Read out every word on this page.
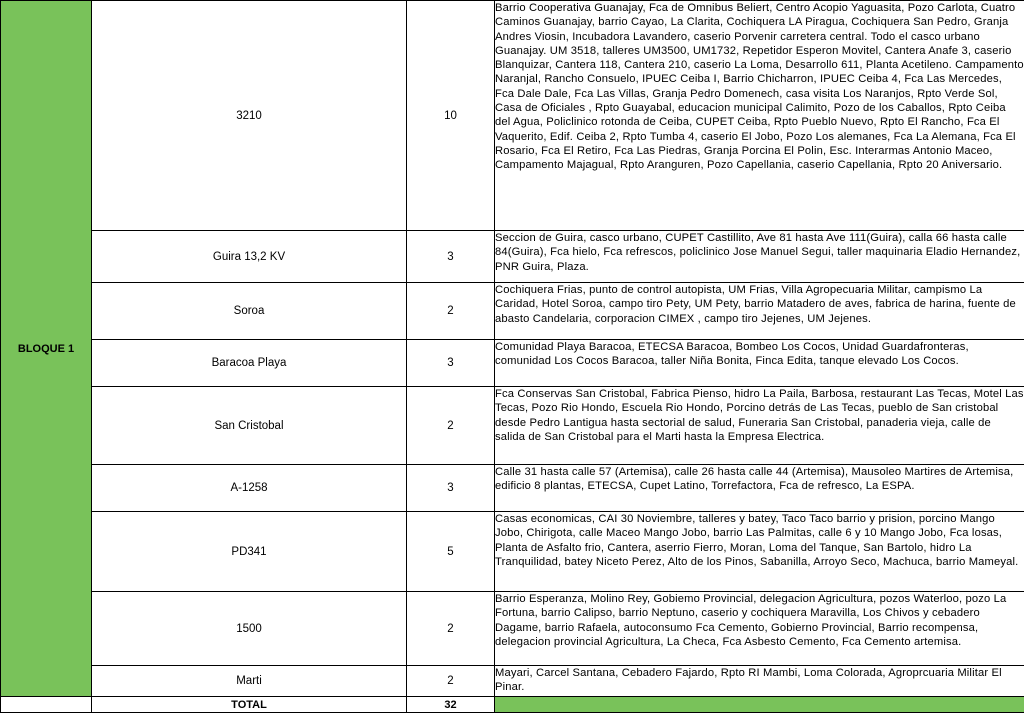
BLOQUE 1	3210	10	Barrio Cooperativa Guanajay, Fca de Omnibus Beliert, Centro Acopio Yaguasita, Pozo Carlota, Cuatro Caminos Guanajay, barrio Cayao, La Clarita, Cochiquera LA Piragua, Cochiquera San Pedro, Granja Andres Viosin, Incubadora Lavandero, caserio Porvenir carretera central. Todo el casco urbano Guanajay. UM 3518, talleres UM3500, UM1732, Repetidor Esperon Movitel, Cantera Anafe 3, caserio Blanquizar, Cantera 118, Cantera 210, caserio La Loma, Desarrollo 611, Planta Acetileno. Campamento Naranjal, Rancho Consuelo, IPUEC Ceiba I, Barrio Chicharron, IPUEC Ceiba 4, Fca Las Mercedes, Fca Dale Dale, Fca Las Villas, Granja Pedro Domenech, casa visita Los Naranjos, Rpto Verde Sol, Casa de Oficiales , Rpto Guayabal, educacion municipal Calimito, Pozo de los Caballos, Rpto Ceiba del Agua, Policlinico rotonda de Ceiba, CUPET Ceiba, Rpto Pueblo Nuevo, Rpto El Rancho, Fca El Vaquerito, Edif. Ceiba 2, Rpto Tumba 4, caserio El Jobo, Pozo Los alemanes, Fca La Alemana, Fca El Rosario, Fca El Retiro, Fca Las Piedras, Granja Porcina El Polin, Esc. Interarmas Antonio Maceo, Campamento Majagual, Rpto Aranguren, Pozo Capellania, caserio Capellania, Rpto 20 Aniversario.
	Guira 13,2 KV	3	Seccion de Guira, casco urbano, CUPET Castillito, Ave 81 hasta Ave 111(Guira), calla 66 hasta calle 84(Guira), Fca hielo, Fca refrescos, policlinico Jose Manuel Segui, taller maquinaria Eladio Hernandez, PNR Guira, Plaza.
	Soroa	2	Cochiquera Frias, punto de control autopista, UM Frias, Villa Agropecuaria Militar, campismo La Caridad, Hotel Soroa, campo tiro Pety, UM Pety, barrio Matadero de aves, fabrica de harina, fuente de abasto Candelaria, corporacion CIMEX , campo tiro Jejenes, UM Jejenes.
	Baracoa Playa	3	Comunidad Playa Baracoa, ETECSA Baracoa, Bombeo Los Cocos, Unidad Guardafronteras, comunidad Los Cocos Baracoa, taller Niña Bonita, Finca Edita, tanque elevado Los Cocos.
	San Cristobal	2	Fca Conservas San Cristobal, Fabrica Pienso, hidro La Paila, Barbosa, restaurant Las Tecas, Motel Las Tecas, Pozo Rio Hondo, Escuela Rio Hondo, Porcino detrás de Las Tecas, pueblo de San cristobal desde Pedro Lantigua hasta sectorial de salud, Funeraria San Cristobal, panaderia vieja, calle de salida de San Cristobal para el Marti hasta la Empresa Electrica.
	A-1258	3	Calle 31 hasta calle 57 (Artemisa), calle 26 hasta calle 44 (Artemisa), Mausoleo Martires de Artemisa, edificio 8 plantas, ETECSA, Cupet Latino, Torrefactora, Fca de refresco, La ESPA.
	PD341	5	Casas economicas, CAI 30 Noviembre, talleres y batey, Taco Taco barrio y prision, porcino Mango Jobo, Chirigota, calle Maceo Mango Jobo, barrio Las Palmitas, calle 6 y 10 Mango Jobo, Fca losas, Planta de Asfalto frio, Cantera, aserrio Fierro, Moran, Loma del Tanque, San Bartolo, hidro La Tranquilidad, batey Niceto Perez, Alto de los Pinos, Sabanilla, Arroyo Seco, Machuca, barrio Mameyal.
	1500	2	Barrio Esperanza, Molino Rey, Gobiemo Provincial, delegacion Agricultura, pozos Waterloo, pozo La Fortuna, barrio Calipso, barrio Neptuno, caserio y cochiquera Maravilla, Los Chivos y cebadero Dagame, barrio Rafaela, autoconsumo Fca Cemento, Gobierno Provincial, Barrio recompensa, delegacion provincial Agricultura, La Checa, Fca Asbesto Cemento, Fca Cemento artemisa.
	Marti	2	Mayari, Carcel Santana, Cebadero Fajardo, Rpto RI Mambi, Loma Colorada, Agroprcuaria Militar El Pinar.
	TOTAL	32	
